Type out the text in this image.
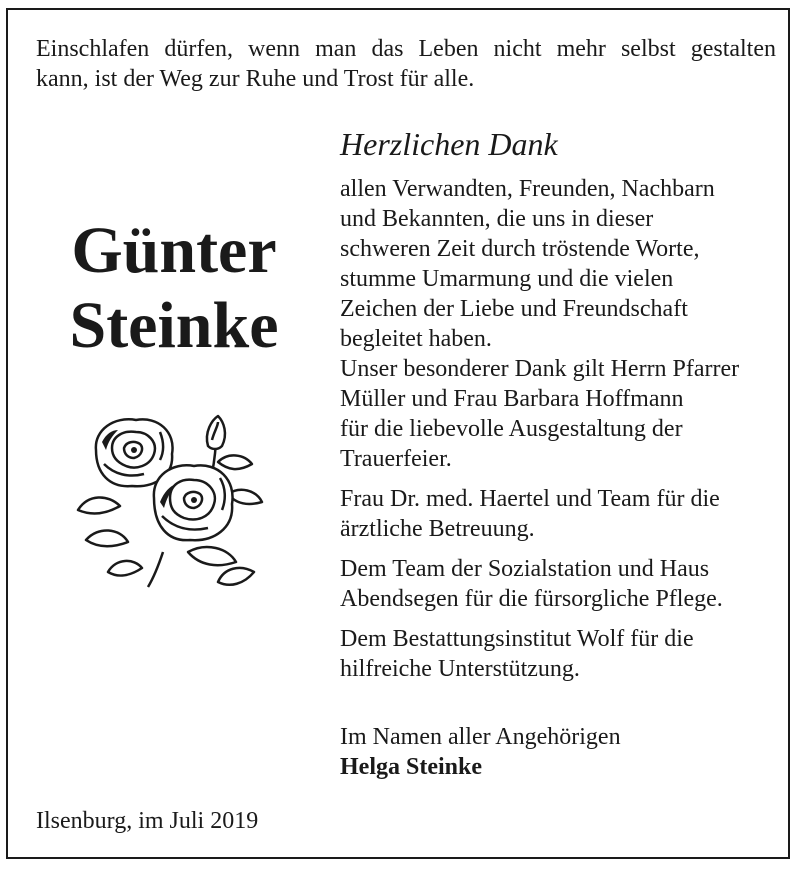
Einschlafen dürfen, wenn man das Leben nicht mehr selbst gestalten
kann, ist der Weg zur Ruhe und Trost für alle.

Günter
Steinke

Herzlichen Dank

allen Verwandten, Freunden, Nachbarn
und Bekannten, die uns in dieser
schweren Zeit durch tröstende Worte,
stumme Umarmung und die vielen
Zeichen der Liebe und Freundschaft
begleitet haben.
Unser besonderer Dank gilt Herrn Pfarrer
Müller und Frau Barbara Hoffmann
für die liebevolle Ausgestaltung der
Trauerfeier.

Frau Dr. med. Haertel und Team für die
ärztliche Betreuung.

Dem Team der Sozialstation und Haus
Abendsegen für die fürsorgliche Pflege.

Dem Bestattungsinstitut Wolf für die
hilfreiche Unterstützung.

Im Namen aller Angehörigen
Helga Steinke

Ilsenburg, im Juli 2019
